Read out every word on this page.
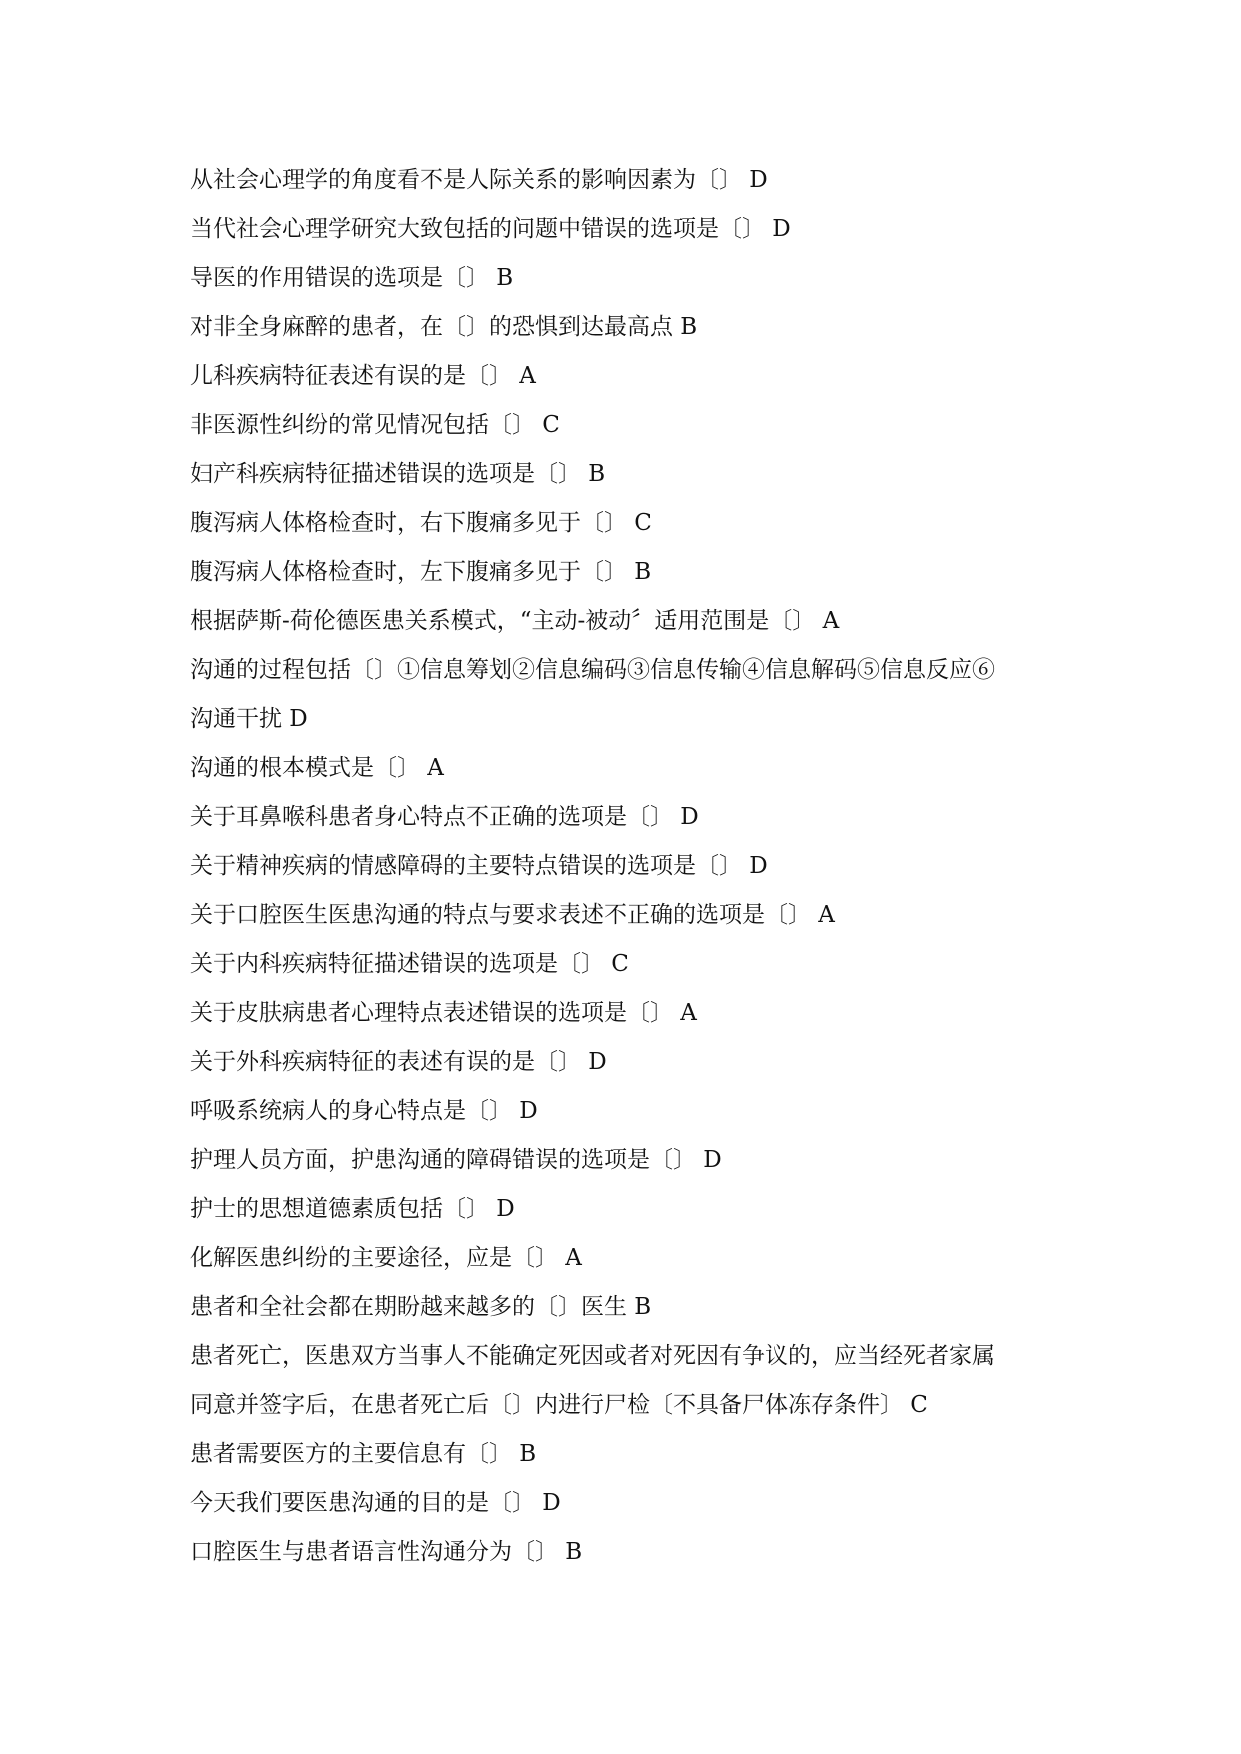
从社会心理学的角度看不是人际关系的影响因素为〔〕 D
当代社会心理学研究大致包括的问题中错误的选项是〔〕 D
导医的作用错误的选项是〔〕 B
对非全身麻醉的患者，在〔〕的恐惧到达最高点 B
儿科疾病特征表述有误的是〔〕 A
非医源性纠纷的常见情况包括〔〕 C
妇产科疾病特征描述错误的选项是〔〕 B
腹泻病人体格检查时，右下腹痛多见于〔〕 C
腹泻病人体格检查时，左下腹痛多见于〔〕 B
根据萨斯-荷伦德医患关系模式，“主动-被动〞适用范围是〔〕 A
沟通的过程包括〔〕①信息筹划②信息编码③信息传输④信息解码⑤信息反应⑥
沟通干扰 D
沟通的根本模式是〔〕 A
关于耳鼻喉科患者身心特点不正确的选项是〔〕 D
关于精神疾病的情感障碍的主要特点错误的选项是〔〕 D
关于口腔医生医患沟通的特点与要求表述不正确的选项是〔〕 A
关于内科疾病特征描述错误的选项是〔〕 C
关于皮肤病患者心理特点表述错误的选项是〔〕 A
关于外科疾病特征的表述有误的是〔〕 D
呼吸系统病人的身心特点是〔〕 D
护理人员方面，护患沟通的障碍错误的选项是〔〕 D
护士的思想道德素质包括〔〕 D
化解医患纠纷的主要途径，应是〔〕 A
患者和全社会都在期盼越来越多的〔〕医生 B
患者死亡，医患双方当事人不能确定死因或者对死因有争议的，应当经死者家属
同意并签字后，在患者死亡后〔〕内进行尸检〔不具备尸体冻存条件〕 C
患者需要医方的主要信息有〔〕 B
今天我们要医患沟通的目的是〔〕 D
口腔医生与患者语言性沟通分为〔〕 B
